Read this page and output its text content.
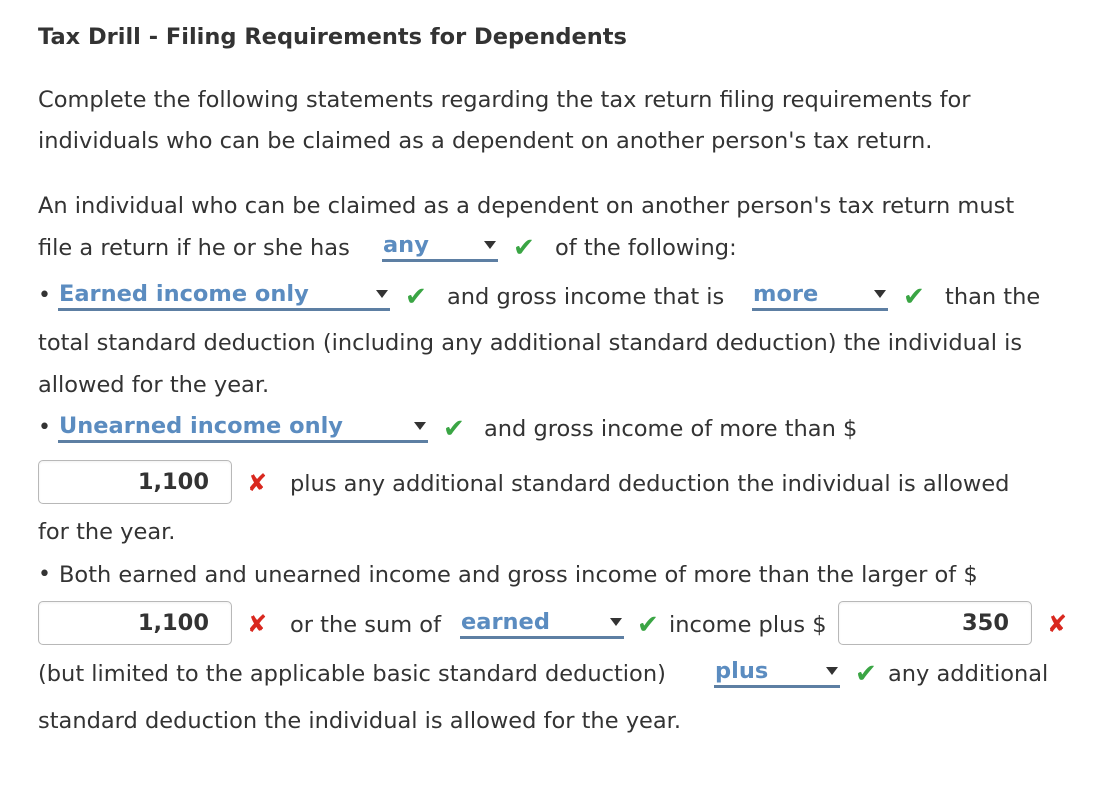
Tax Drill - Filing Requirements for Dependents
Complete the following statements regarding the tax return filing requirements for
individuals who can be claimed as a dependent on another person's tax return.
An individual who can be claimed as a dependent on another person's tax return must
file a return if he or she has any	✔ of the following:
• Earned income only	✔ and gross income that is more	✔ than the
total standard deduction (including any additional standard deduction) the individual is
allowed for the year.
• Unearned income only	✔ and gross income of more than $
1,100 ✘ plus any additional standard deduction the individual is allowed
for the year.
• Both earned and unearned income and gross income of more than the larger of $
1,100 ✘ or the sum of earned	✔ income plus $	350 ✘
(but limited to the applicable basic standard deduction) plus	✔ any additional
standard deduction the individual is allowed for the year.
